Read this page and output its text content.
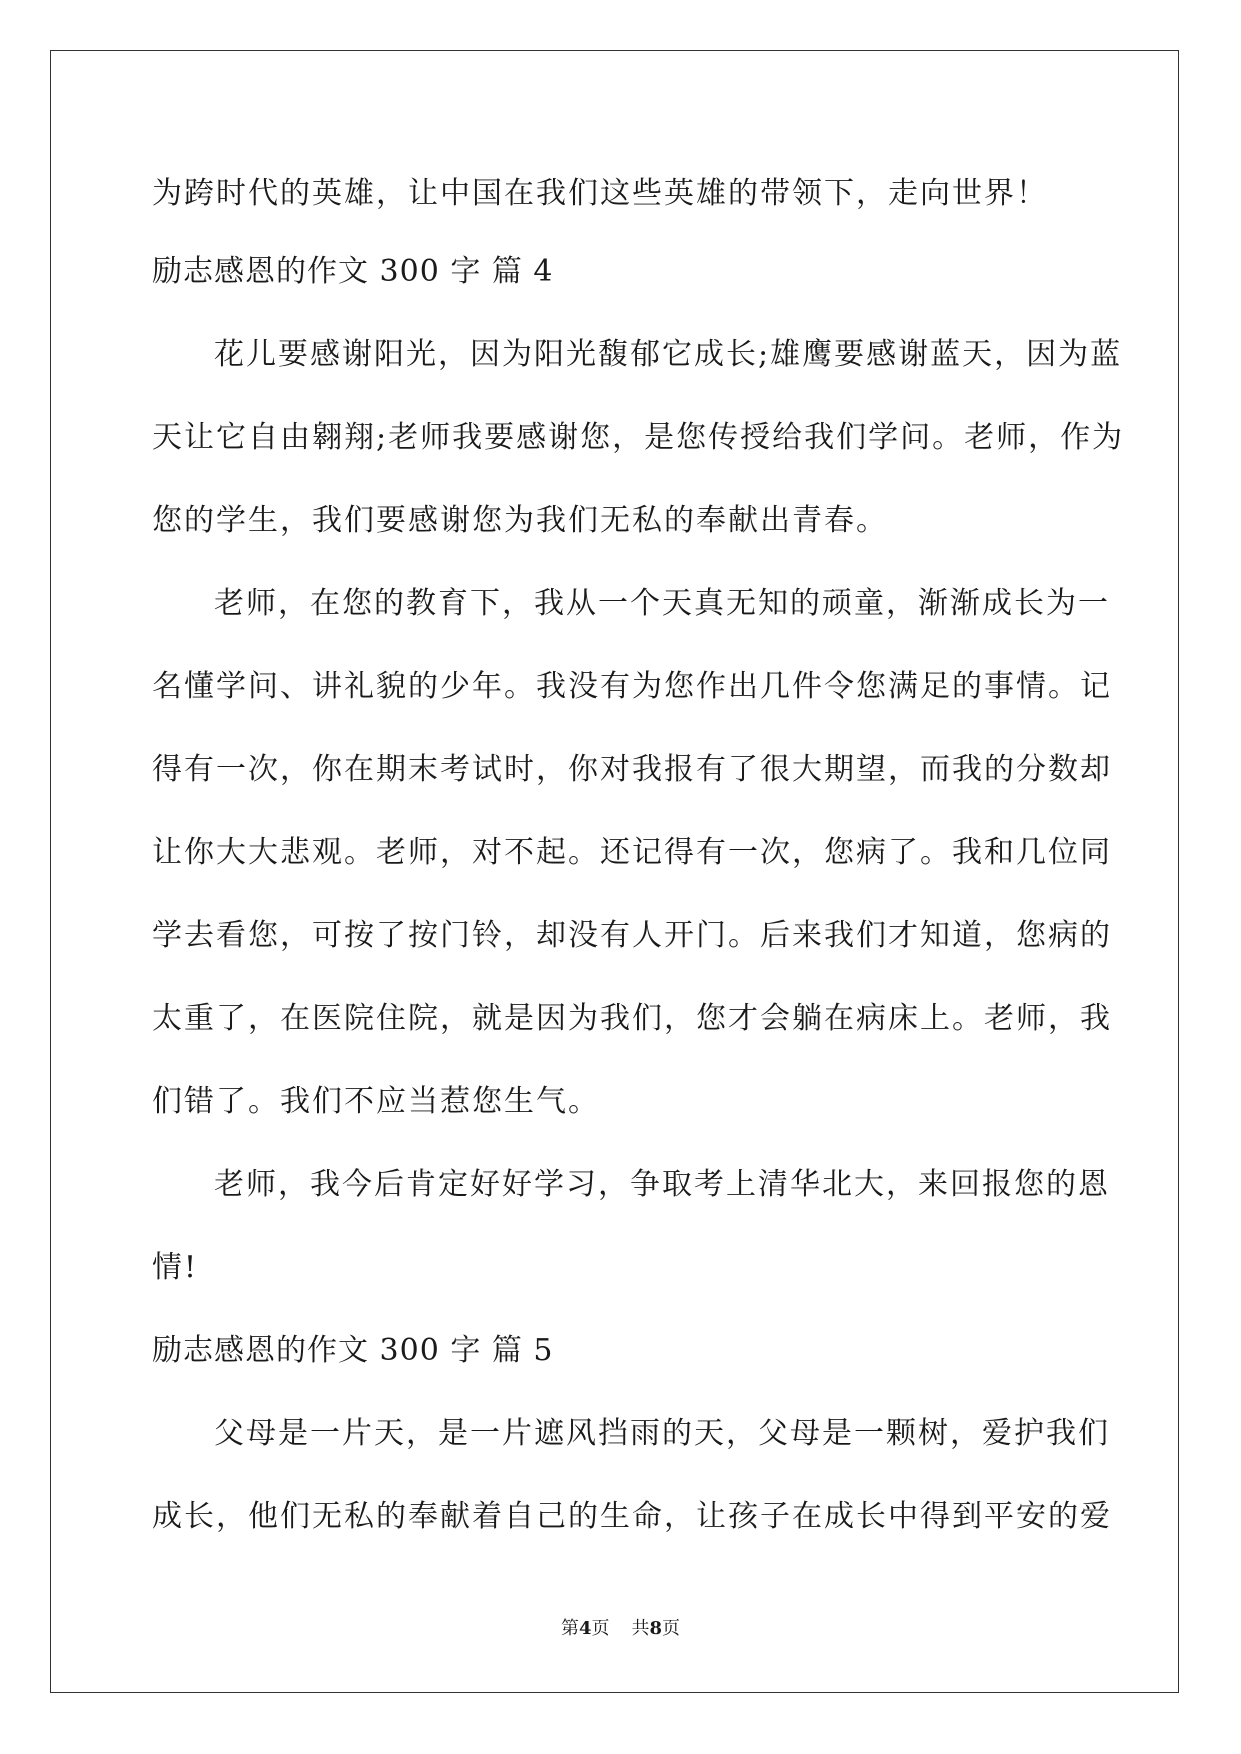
为跨时代的英雄，让中国在我们这些英雄的带领下，走向世界！
励志感恩的作文 300 字 篇 4
花儿要感谢阳光，因为阳光馥郁它成长;雄鹰要感谢蓝天，因为蓝
天让它自由翱翔;老师我要感谢您，是您传授给我们学问。老师，作为
您的学生，我们要感谢您为我们无私的奉献出青春。
老师，在您的教育下，我从一个天真无知的顽童，渐渐成长为一
名懂学问、讲礼貌的少年。我没有为您作出几件令您满足的事情。记
得有一次，你在期末考试时，你对我报有了很大期望，而我的分数却
让你大大悲观。老师，对不起。还记得有一次，您病了。我和几位同
学去看您，可按了按门铃，却没有人开门。后来我们才知道，您病的
太重了，在医院住院，就是因为我们，您才会躺在病床上。老师，我
们错了。我们不应当惹您生气。
老师，我今后肯定好好学习，争取考上清华北大，来回报您的恩
情!
励志感恩的作文 300 字 篇 5
父母是一片天，是一片遮风挡雨的天，父母是一颗树，爱护我们
成长，他们无私的奉献着自己的生命，让孩子在成长中得到平安的爱
第4页 共8页
